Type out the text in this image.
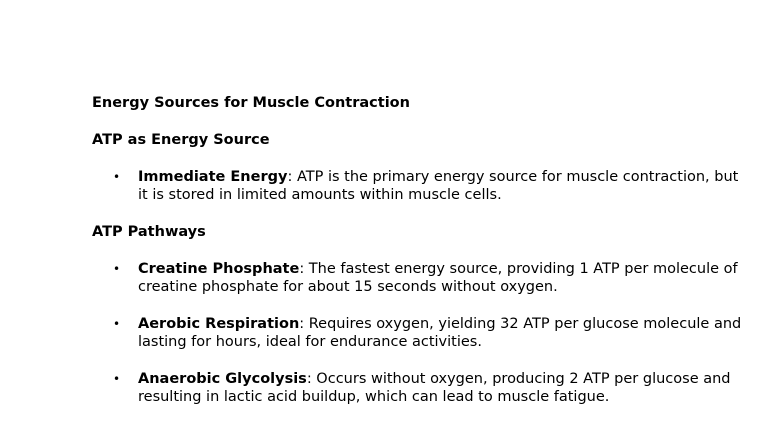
Energy Sources for Muscle Contraction

ATP as Energy Source

• Immediate Energy: ATP is the primary energy source for muscle contraction, but it is stored in limited amounts within muscle cells.

ATP Pathways

• Creatine Phosphate: The fastest energy source, providing 1 ATP per molecule of creatine phosphate for about 15 seconds without oxygen.
• Aerobic Respiration: Requires oxygen, yielding 32 ATP per glucose molecule and lasting for hours, ideal for endurance activities.
• Anaerobic Glycolysis: Occurs without oxygen, producing 2 ATP per glucose and resulting in lactic acid buildup, which can lead to muscle fatigue.
